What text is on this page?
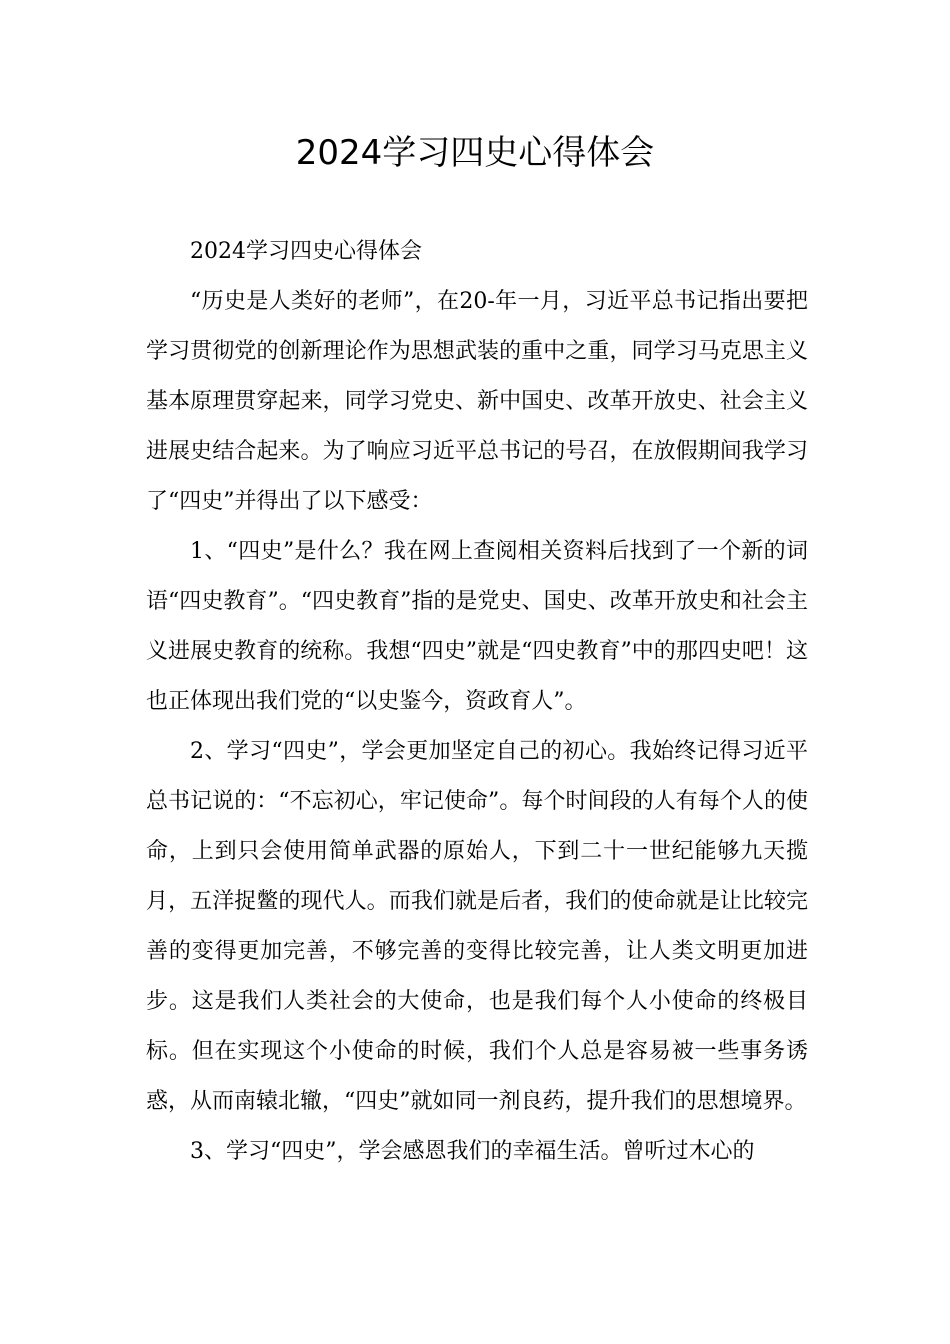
2024学习四史心得体会

2024学习四史心得体会

“历史是人类好的老师”，在20-年一月，习近平总书记指出要把学习贯彻党的创新理论作为思想武装的重中之重，同学习马克思主义基本原理贯穿起来，同学习党史、新中国史、改革开放史、社会主义进展史结合起来。为了响应习近平总书记的号召，在放假期间我学习了“四史”并得出了以下感受：

1、“四史”是什么？我在网上查阅相关资料后找到了一个新的词语“四史教育”。“四史教育”指的是党史、国史、改革开放史和社会主义进展史教育的统称。我想“四史”就是“四史教育”中的那四史吧！这也正体现出我们党的“以史鉴今，资政育人”。

2、学习“四史”，学会更加坚定自己的初心。我始终记得习近平总书记说的：“不忘初心，牢记使命”。每个时间段的人有每个人的使命，上到只会使用简单武器的原始人，下到二十一世纪能够九天揽月，五洋捉鳖的现代人。而我们就是后者，我们的使命就是让比较完善的变得更加完善，不够完善的变得比较完善，让人类文明更加进步。这是我们人类社会的大使命，也是我们每个人小使命的终极目标。但在实现这个小使命的时候，我们个人总是容易被一些事务诱惑，从而南辕北辙，“四史”就如同一剂良药，提升我们的思想境界。

3、学习“四史”，学会感恩我们的幸福生活。曾听过木心的
